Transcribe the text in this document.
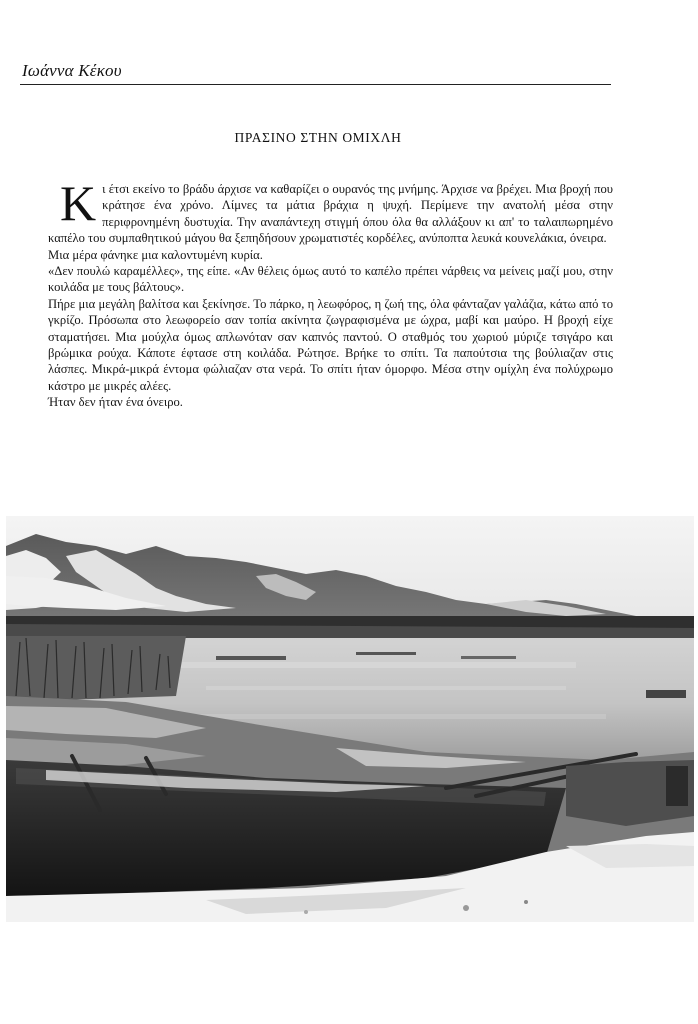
Ιωάννα Κέκου
ΠΡΑΣΙΝΟ ΣΤΗΝ ΟΜΙΧΛΗ

Κι έτσι εκείνο το βράδυ άρχισε να καθαρίζει ο ουρανός της μνήμης. Άρχισε να βρέχει. Μια βροχή που κράτησε ένα χρόνο. Λίμνες τα μάτια βράχια η ψυχή. Περίμενε την ανατολή μέσα στην περιφρονημένη δυστυχία. Την αναπάντεχη στιγμή όπου όλα θα αλλάξουν κι απ' το ταλαιπωρημένο καπέλο του συμπαθητικού μάγου θα ξεπηδήσουν χρωματιστές κορδέλες, ανύποπτα λευκά κουνελάκια, όνειρα.

Μια μέρα φάνηκε μια καλοντυμένη κυρία.

«Δεν πουλώ καραμέλλες», της είπε. «Αν θέλεις όμως αυτό το καπέλο πρέπει νάρθεις να μείνεις μαζί μου, στην κοιλάδα με τους βάλτους».

Πήρε μια μεγάλη βαλίτσα και ξεκίνησε. Το πάρκο, η λεωφόρος, η ζωή της, όλα φάνταζαν γαλάζια, κάτω από το γκρίζο. Πρόσωπα στο λεωφορείο σαν τοπία ακίνητα ζωγραφισμένα με ώχρα, μαβί και μαύρο. Η βροχή είχε σταματήσει. Μια μούχλα όμως απλωνόταν σαν καπνός παντού. Ο σταθμός του χωριού μύριζε τσιγάρο και βρώμικα ρούχα. Κάποτε έφτασε στη κοιλάδα. Ρώτησε. Βρήκε το σπίτι. Τα παπούτσια της βούλιαζαν στις λάσπες. Μικρά-μικρά έντομα φώλιαζαν στα νερά. Το σπίτι ήταν όμορφο. Μέσα στην ομίχλη ένα πολύχρωμο κάστρο με μικρές αλέες.

Ήταν δεν ήταν ένα όνειρο.
